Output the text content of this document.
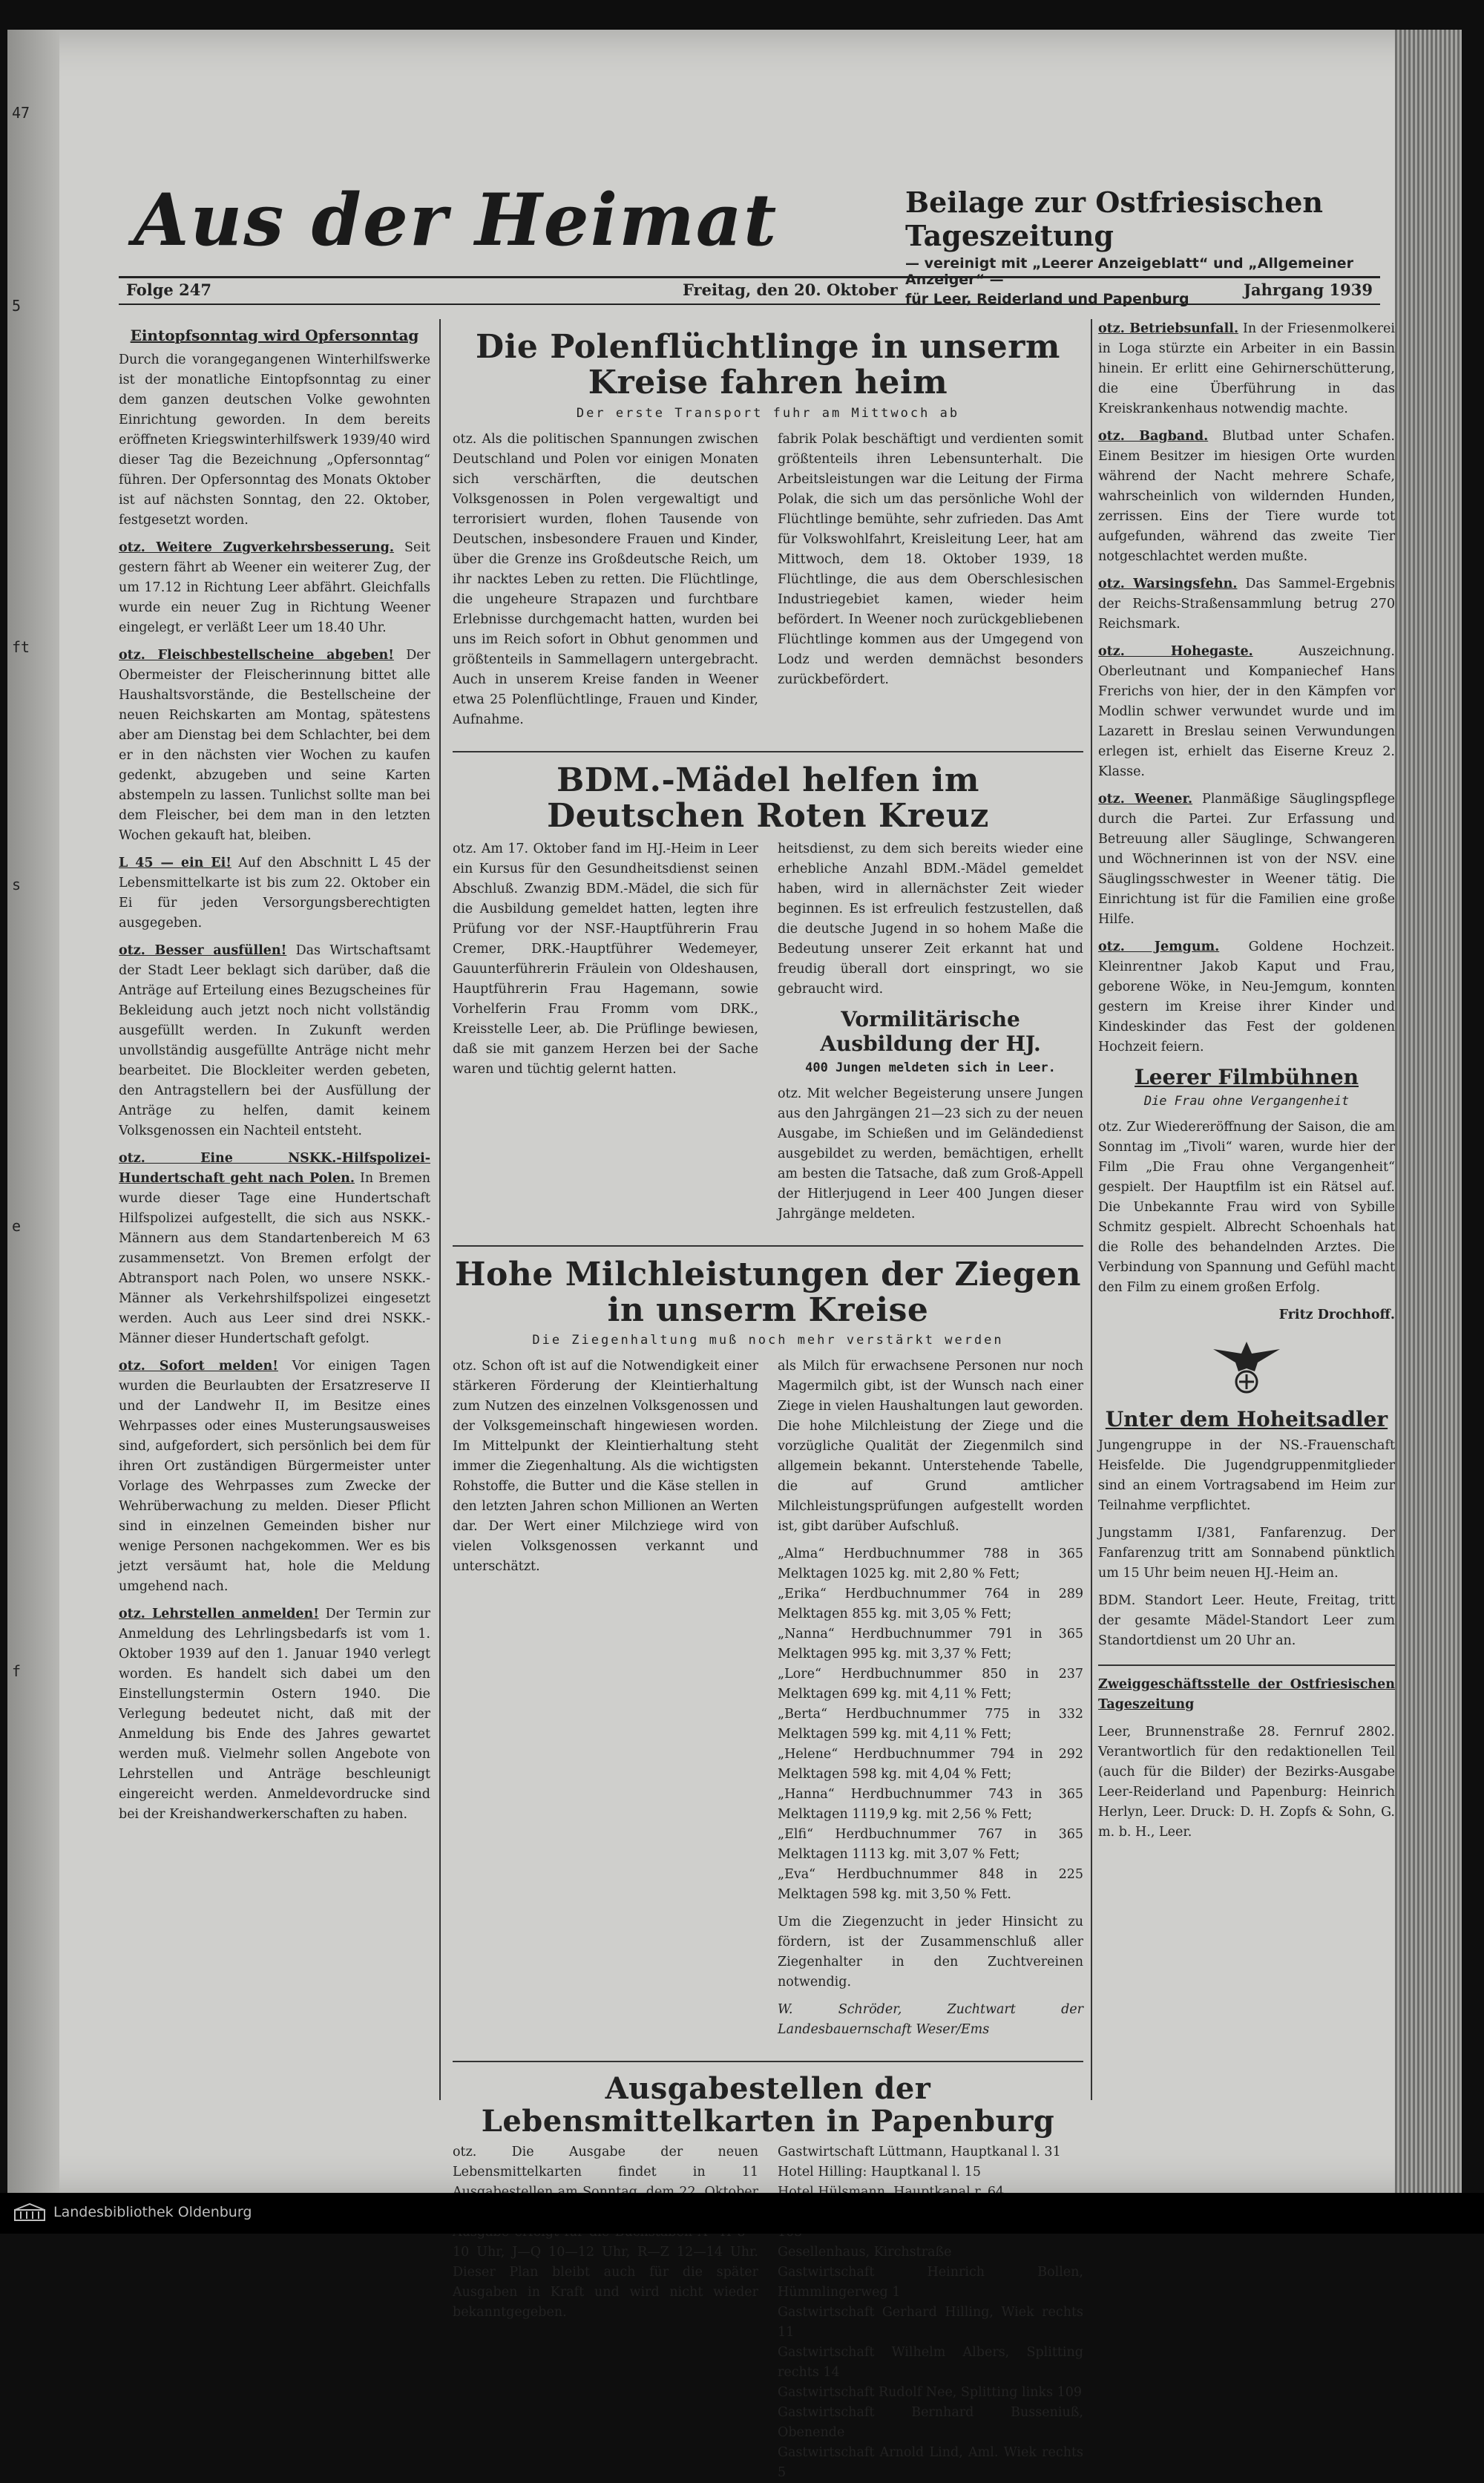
47
5
ft
s
e
f
Aus der Heimat	Beilage zur Ostfriesischen Tageszeitung
— vereinigt mit „Leerer Anzeigeblatt“ und „Allgemeiner Anzeiger“ —
für Leer, Reiderland und Papenburg
Folge 247	Freitag, den 20. Oktober	Jahrgang 1939
Eintopfsonntag wird Opfersonntag

Durch die vorangegangenen Winterhilfswerke ist der monatliche Eintopfsonntag zu einer dem ganzen deutschen Volke gewohnten Einrichtung geworden. In dem bereits eröffneten Kriegswinterhilfswerk 1939/40 wird dieser Tag die Bezeichnung „Opfersonntag“ führen. Der Opfersonntag des Monats Oktober ist auf nächsten Sonntag, den 22. Oktober, festgesetzt worden.

otz. Weitere Zugverkehrsbesserung. Seit gestern fährt ab Weener ein weiterer Zug, der um 17.12 in Richtung Leer abfährt. Gleichfalls wurde ein neuer Zug in Richtung Weener eingelegt, er verläßt Leer um 18.40 Uhr.

otz. Fleischbestellscheine abgeben! Der Obermeister der Fleischerinnung bittet alle Haushaltsvorstände, die Bestellscheine der neuen Reichskarten am Montag, spätestens aber am Dienstag bei dem Schlachter, bei dem er in den nächsten vier Wochen zu kaufen gedenkt, abzugeben und seine Karten abstempeln zu lassen. Tunlichst sollte man bei dem Fleischer, bei dem man in den letzten Wochen gekauft hat, bleiben.

L 45 — ein Ei! Auf den Abschnitt L 45 der Lebensmittelkarte ist bis zum 22. Oktober ein Ei für jeden Versorgungsberechtigten ausgegeben.

otz. Besser ausfüllen! Das Wirtschaftsamt der Stadt Leer beklagt sich darüber, daß die Anträge auf Erteilung eines Bezugscheines für Bekleidung auch jetzt noch nicht vollständig ausgefüllt werden. In Zukunft werden unvollständig ausgefüllte Anträge nicht mehr bearbeitet. Die Blockleiter werden gebeten, den Antragstellern bei der Ausfüllung der Anträge zu helfen, damit keinem Volksgenossen ein Nachteil entsteht.

otz. Eine NSKK.-Hilfspolizei-Hundertschaft geht nach Polen. In Bremen wurde dieser Tage eine Hundertschaft Hilfspolizei aufgestellt, die sich aus NSKK.-Männern aus dem Standartenbereich M 63 zusammensetzt. Von Bremen erfolgt der Abtransport nach Polen, wo unsere NSKK.-Männer als Verkehrshilfspolizei eingesetzt werden. Auch aus Leer sind drei NSKK.-Männer dieser Hundertschaft gefolgt.

otz. Sofort melden! Vor einigen Tagen wurden die Beurlaubten der Ersatzreserve II und der Landwehr II, im Besitze eines Wehrpasses oder eines Musterungsausweises sind, aufgefordert, sich persönlich bei dem für ihren Ort zuständigen Bürgermeister unter Vorlage des Wehrpasses zum Zwecke der Wehrüberwachung zu melden. Dieser Pflicht sind in einzelnen Gemeinden bisher nur wenige Personen nachgekommen. Wer es bis jetzt versäumt hat, hole die Meldung umgehend nach.

otz. Lehrstellen anmelden! Der Termin zur Anmeldung des Lehrlingsbedarfs ist vom 1. Oktober 1939 auf den 1. Januar 1940 verlegt worden. Es handelt sich dabei um den Einstellungstermin Ostern 1940. Die Verlegung bedeutet nicht, daß mit der Anmeldung bis Ende des Jahres gewartet werden muß. Vielmehr sollen Angebote von Lehrstellen und Anträge beschleunigt eingereicht werden. Anmeldevordrucke sind bei der Kreishandwerkerschaften zu haben.

Die Polenflüchtlinge in unserm Kreise fahren heim
Der erste Transport fuhr am Mittwoch ab

otz. Als die politischen Spannungen zwischen Deutschland und Polen vor einigen Monaten sich verschärften, die deutschen Volksgenossen in Polen vergewaltigt und terrorisiert wurden, flohen Tausende von Deutschen, insbesondere Frauen und Kinder, über die Grenze ins Großdeutsche Reich, um ihr nacktes Leben zu retten. Die Flüchtlinge, die ungeheure Strapazen und furchtbare Erlebnisse durchgemacht hatten, wurden bei uns im Reich sofort in Obhut genommen und größtenteils in Sammellagern untergebracht. Auch in unserem Kreise fanden in Weener etwa 25 Polenflüchtlinge, Frauen und Kinder, Aufnahme.

fabrik Polak beschäftigt und verdienten somit größtenteils ihren Lebensunterhalt. Die Arbeitsleistungen war die Leitung der Firma Polak, die sich um das persönliche Wohl der Flüchtlinge bemühte, sehr zufrieden. Das Amt für Volkswohlfahrt, Kreisleitung Leer, hat am Mittwoch, dem 18. Oktober 1939, 18 Flüchtlinge, die aus dem Oberschlesischen Industriegebiet kamen, wieder heim befördert. In Weener noch zurückgebliebenen Flüchtlinge kommen aus der Umgegend von Lodz und werden demnächst besonders zurückbefördert.

BDM.-Mädel helfen im Deutschen Roten Kreuz

otz. Am 17. Oktober fand im HJ.-Heim in Leer ein Kursus für den Gesundheitsdienst seinen Abschluß. Zwanzig BDM.-Mädel, die sich für die Ausbildung gemeldet hatten, legten ihre Prüfung vor der NSF.-Hauptführerin Frau Cremer, DRK.-Hauptführer Wedemeyer, Gauunterführerin Fräulein von Oldeshausen, Hauptführerin Frau Hagemann, sowie Vorhelferin Frau Fromm vom DRK., Kreisstelle Leer, ab. Die Prüflinge bewiesen, daß sie mit ganzem Herzen bei der Sache waren und tüchtig gelernt hatten.

heitsdienst, zu dem sich bereits wieder eine erhebliche Anzahl BDM.-Mädel gemeldet haben, wird in allernächster Zeit wieder beginnen. Es ist erfreulich festzustellen, daß die deutsche Jugend in so hohem Maße die Bedeutung unserer Zeit erkannt hat und freudig überall dort einspringt, wo sie gebraucht wird.

Vormilitärische Ausbildung der HJ.
400 Jungen meldeten sich in Leer.

otz. Mit welcher Begeisterung unsere Jungen aus den Jahrgängen 21—23 sich zu der neuen Ausgabe, im Schießen und im Geländedienst ausgebildet zu werden, bemächtigen, erhellt am besten die Tatsache, daß zum Groß-Appell der Hitlerjugend in Leer 400 Jungen dieser Jahrgänge meldeten.

Hohe Milchleistungen der Ziegen in unserm Kreise
Die Ziegenhaltung muß noch mehr verstärkt werden

otz. Schon oft ist auf die Notwendigkeit einer stärkeren Förderung der Kleintierhaltung zum Nutzen des einzelnen Volksgenossen und der Volksgemeinschaft hingewiesen worden. Im Mittelpunkt der Kleintierhaltung steht immer die Ziegenhaltung. Als die wichtigsten Rohstoffe, die Butter und die Käse stellen in den letzten Jahren schon Millionen an Werten dar. Der Wert einer Milchziege wird von vielen Volksgenossen verkannt und unterschätzt.

als Milch für erwachsene Personen nur noch Magermilch gibt, ist der Wunsch nach einer Ziege in vielen Haushaltungen laut geworden. Die hohe Milchleistung der Ziege und die vorzügliche Qualität der Ziegenmilch sind allgemein bekannt. Unterstehende Tabelle, die auf Grund amtlicher Milchleistungsprüfungen aufgestellt worden ist, gibt darüber Aufschluß.

„Alma“ Herdbuchnummer 788 in 365 Melktagen 1025 kg. mit 2,80 % Fett;

„Erika“ Herdbuchnummer 764 in 289 Melktagen 855 kg. mit 3,05 % Fett;

„Nanna“ Herdbuchnummer 791 in 365 Melktagen 995 kg. mit 3,37 % Fett;

„Lore“ Herdbuchnummer 850 in 237 Melktagen 699 kg. mit 4,11 % Fett;

„Berta“ Herdbuchnummer 775 in 332 Melktagen 599 kg. mit 4,11 % Fett;

„Helene“ Herdbuchnummer 794 in 292 Melktagen 598 kg. mit 4,04 % Fett;

„Hanna“ Herdbuchnummer 743 in 365 Melktagen 1119,9 kg. mit 2,56 % Fett;

„Elfi“ Herdbuchnummer 767 in 365 Melktagen 1113 kg. mit 3,07 % Fett;

„Eva“ Herdbuchnummer 848 in 225 Melktagen 598 kg. mit 3,50 % Fett.

Um die Ziegenzucht in jeder Hinsicht zu fördern, ist der Zusammenschluß aller Ziegenhalter in den Zuchtvereinen notwendig.

W. Schröder, Zuchtwart der Landesbauernschaft Weser/Ems

Ausgabestellen der Lebensmittelkarten in Papenburg

otz. Die Ausgabe der neuen Lebensmittelkarten findet in 11 10 Uhr, J—Q 10—12 Uhr, R—Z 12—14 Uhr. Dieser Plan bleibt auch für die später Ausgaben in Kraft und wird nicht wieder bekanntgegeben.

Gastwirtschaft Lüttmann, Hauptkanal l. 31

Hotel Hilling: Hauptkanal l. 15

Gesellenhaus, Kirchstraße

Gastwirtschaft Heinrich Bollen, Hümmlingerweg 1

Gastwirtschaft Gerhard Hilling, Wiek rechts 11

Gastwirtschaft Wilhelm Albers, Splitting rechts 14

Gastwirtschaft Rudolf Nee, Splitting links 109

Gastwirtschaft Bernhard Busseniuß, Obenende

Gastwirtschaft Arnold Lind, Aml. Wiek rechts 5

otz. Betriebsunfall. In der Friesenmolkerei in Loga stürzte ein Arbeiter in ein Bassin hinein. Er erlitt eine Gehirnerschütterung, die eine Überführung in das Kreiskrankenhaus notwendig machte.

otz. Bagband. Blutbad unter Schafen. Einem Besitzer im hiesigen Orte wurden während der Nacht mehrere Schafe, wahrscheinlich von wildernden Hunden, zerrissen. Eins der Tiere wurde tot aufgefunden, während das zweite Tier notgeschlachtet werden mußte.

otz. Warsingsfehn. Das Sammel-Ergebnis der Reichs-Straßensammlung betrug 270 Reichsmark.

otz. Hohegaste.	Auszeichnung. Oberleutnant und Kompaniechef Hans Frerichs von hier, der in den Kämpfen vor Modlin schwer verwundet wurde und im Lazarett in Breslau seinen Verwundungen erlegen ist, erhielt das Eiserne Kreuz 2. Klasse.

otz. Weener. Planmäßige Säuglingspflege durch die Partei. Zur Erfassung und Betreuung aller Säuglinge, Schwangeren und Wöchnerinnen ist von der NSV. eine Säuglingsschwester in Weener tätig. Die Einrichtung ist für die Familien eine große Hilfe.

otz. Jemgum. Goldene Hochzeit. Kleinrentner Jakob Kaput und Frau, geborene Wöke, in Neu-Jemgum, konnten gestern im Kreise ihrer Kinder und Kindeskinder das Fest der goldenen Hochzeit feiern.

Leerer Filmbühnen
Die Frau ohne Vergangenheit

otz. Zur Wiedereröffnung der Saison, die am Sonntag im „Tivoli“ waren, wurde hier der Film „Die Frau ohne Vergangenheit“ gespielt. Der Hauptfilm ist ein Rätsel auf. Die Unbekannte Frau wird von Sybille Schmitz gespielt. Albrecht Schoenhals hat die Rolle des behandelnden Arztes. Die Verbindung von Spannung und Gefühl macht den Film zu einem großen Erfolg.

Fritz Drochhoff.

Unter dem Hoheitsadler

Jungengruppe in der NS.-Frauenschaft Heisfelde. Die Jugendgruppenmitglieder sind an einem Vortragsabend im Heim zur Teilnahme verpflichtet.

Jungstamm I/381, Fanfarenzug. Der Fanfarenzug tritt am Sonnabend pünktlich um 15 Uhr beim neuen HJ.-Heim an.

BDM. Standort Leer. Heute, Freitag, tritt der gesamte Mädel-Standort Leer zum Standortdienst um 20 Uhr an.

Zweiggeschäftsstelle der Ostfriesischen Tageszeitung

Leer, Brunnenstraße 28. Fernruf 2802. Verantwortlich für den redaktionellen Teil (auch für die Bilder) der Bezirks-Ausgabe Leer-Reiderland und Papenburg: Heinrich Herlyn, Leer. Druck: D. H. Zopfs & Sohn, G. m. b. H., Leer.

Landesbibliothek Oldenburg
